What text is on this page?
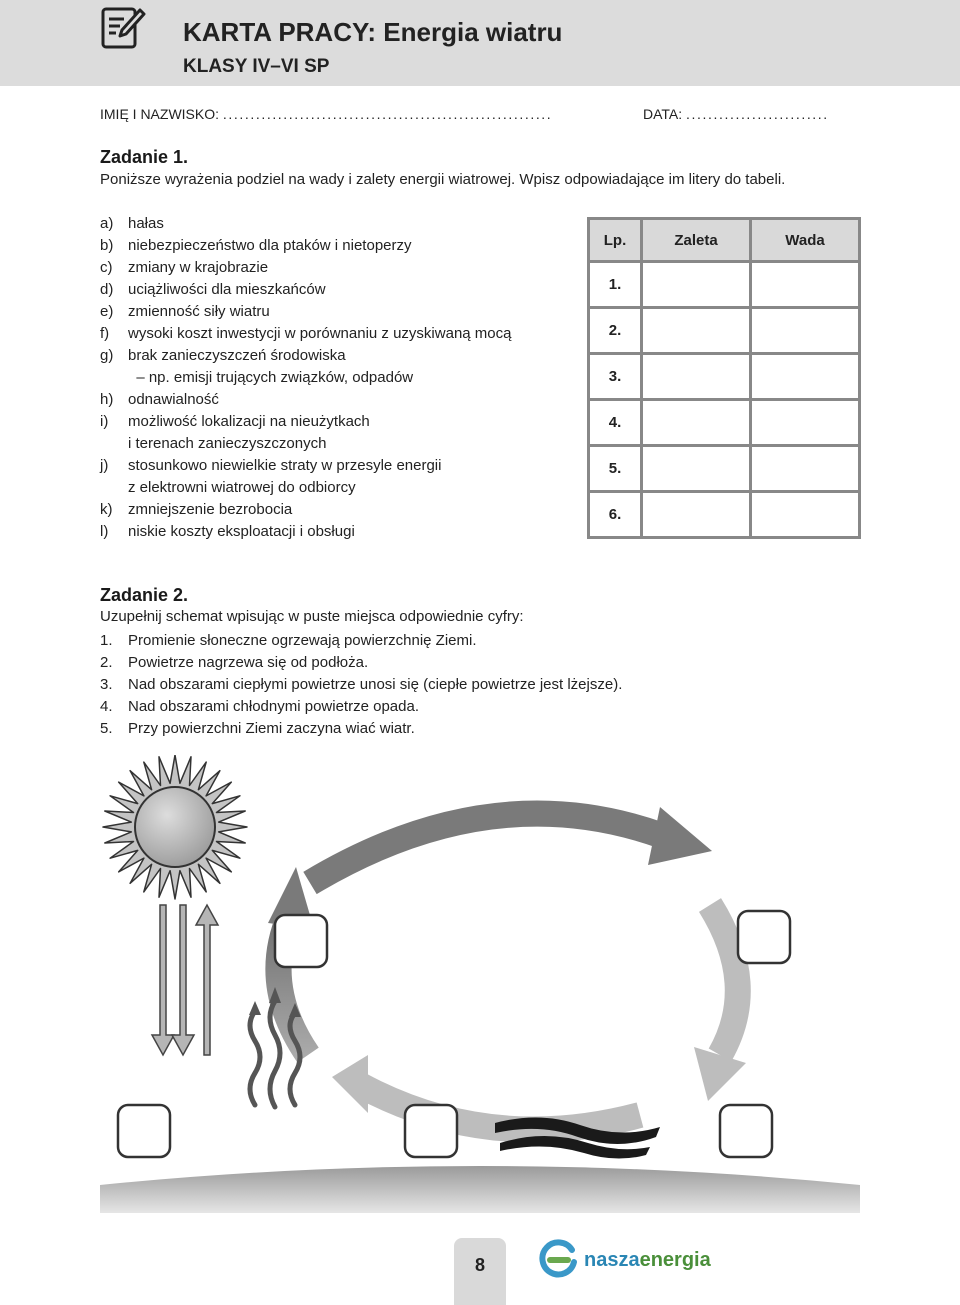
KARTA PRACY: Energia wiatru
KLASY IV–VI SP
IMIĘ I NAZWISKO: ............................................................	DATA: ..........................
Zadanie 1.
Poniższe wyrażenia podziel na wady i zalety energii wiatrowej. Wpisz odpowiadające im litery do tabeli.
a) hałas
b) niebezpieczeństwo dla ptaków i nietoperzy
c)	zmiany w krajobrazie
d) uciążliwości dla mieszkańców
e) zmienność siły wiatru
f)	wysoki koszt inwestycji w porównaniu z uzyskiwaną mocą
g) brak zanieczyszczeń środowiska
– np. emisji trujących związków, odpadów
h) odnawialność
i)	możliwość lokalizacji na nieużytkach
i terenach zanieczyszczonych
j)	stosunkowo niewielkie straty w przesyle energii
z elektrowni wiatrowej do odbiorcy
k)	zmniejszenie bezrobocia
l)	niskie koszty eksploatacji i obsługi
Lp.	Zaleta	Wada
1.		
2.		
3.		
4.		
5.		
6.		
Zadanie 2.
Uzupełnij schemat wpisując w puste miejsca odpowiednie cyfry:
1.	Promienie słoneczne ogrzewają powierzchnię Ziemi.
2.	Powietrze nagrzewa się od podłoża.
3.	Nad obszarami ciepłymi powietrze unosi się (ciepłe powietrze jest lżejsze).
4.	Nad obszarami chłodnymi powietrze opada.
5.	Przy powierzchni Ziemi zaczyna wiać wiatr.
8	naszaenergia
